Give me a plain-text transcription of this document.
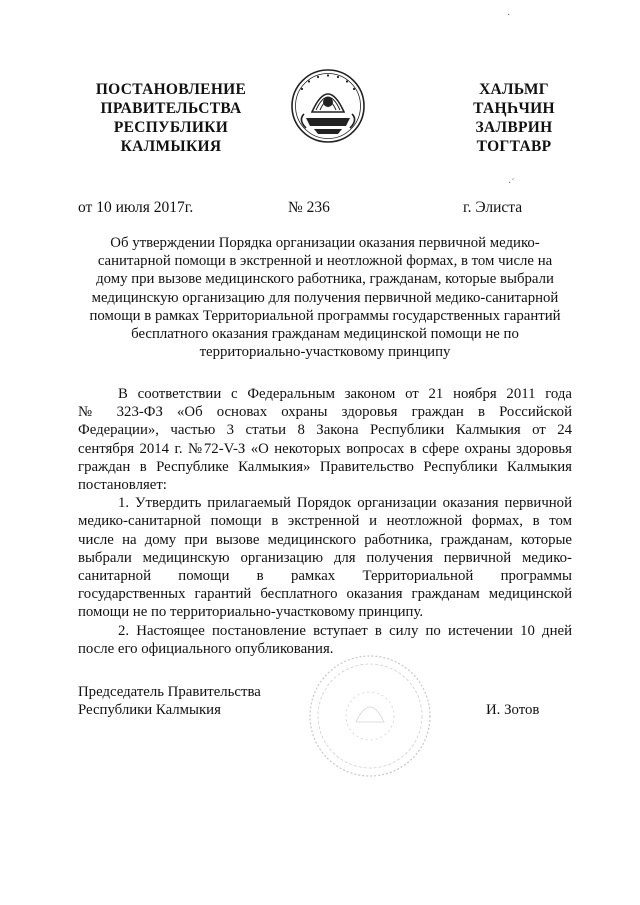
ПОСТАНОВЛЕНИЕ
ПРАВИТЕЛЬСТВА
РЕСПУБЛИКИ
КАЛМЫКИЯ
ХАЛЬМГ
ТАҢҺЧИН
ЗАЛВРИН
ТОГТАВР
от 10 июля 2017г.	№ 236	г. Элиста
Об утверждении Порядка организации оказания первичной медико-
санитарной помощи в экстренной и неотложной формах, в том числе на
дому при вызове медицинского работника, гражданам, которые выбрали
медицинскую организацию для получения первичной медико-санитарной
помощи в рамках Территориальной программы государственных гарантий
бесплатного оказания гражданам медицинской помощи не по
территориально-участковому принципу
В соответствии с Федеральным законом от 21 ноября 2011 года
№ 323-ФЗ «Об основах охраны здоровья граждан в Российской
Федерации», частью 3 статьи 8 Закона Республики Калмыкия от 24
сентября 2014 г. №72-V-З «О некоторых вопросах в сфере охраны здоровья
граждан в Республике Калмыкия» Правительство Республики Калмыкия
постановляет:
1. Утвердить прилагаемый Порядок организации оказания первичной
медико-санитарной помощи в экстренной и неотложной формах, в том
числе на дому при вызове медицинского работника, гражданам, которые
выбрали медицинскую организацию для получения первичной медико-
санитарной помощи в рамках Территориальной программы
государственных гарантий бесплатного оказания гражданам медицинской
помощи не по территориально-участковому принципу.
2. Настоящее постановление вступает в силу по истечении 10 дней
после его официального опубликования.
Председатель Правительства
Республики Калмыкия	И. Зотов
·
·ˊ
